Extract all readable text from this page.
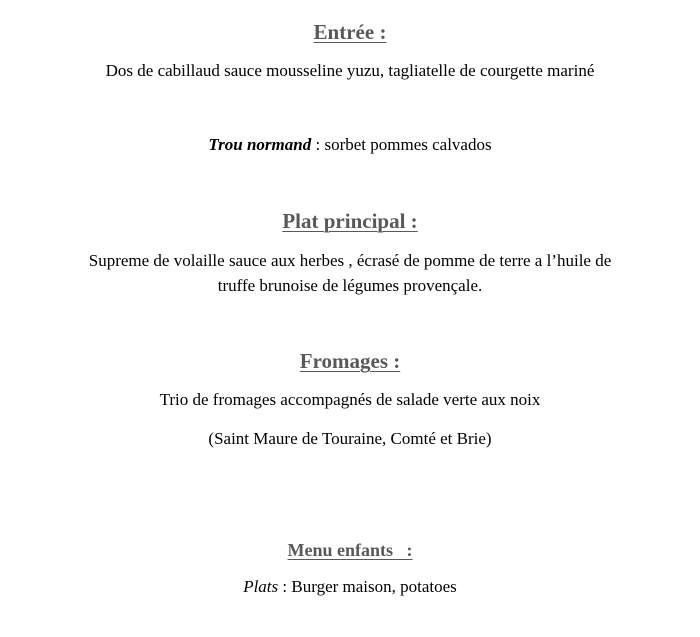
Entrée :
Dos de cabillaud sauce mousseline yuzu, tagliatelle de courgette mariné
Trou normand : sorbet pommes calvados
Plat principal :
Supreme de volaille sauce aux herbes , écrasé de pomme de terre a l’huile de
truffe brunoise de légumes provençale.
Fromages :
Trio de fromages accompagnés de salade verte aux noix
(Saint Maure de Touraine, Comté et Brie)
Menu enfants   :
Plats : Burger maison, potatoes
